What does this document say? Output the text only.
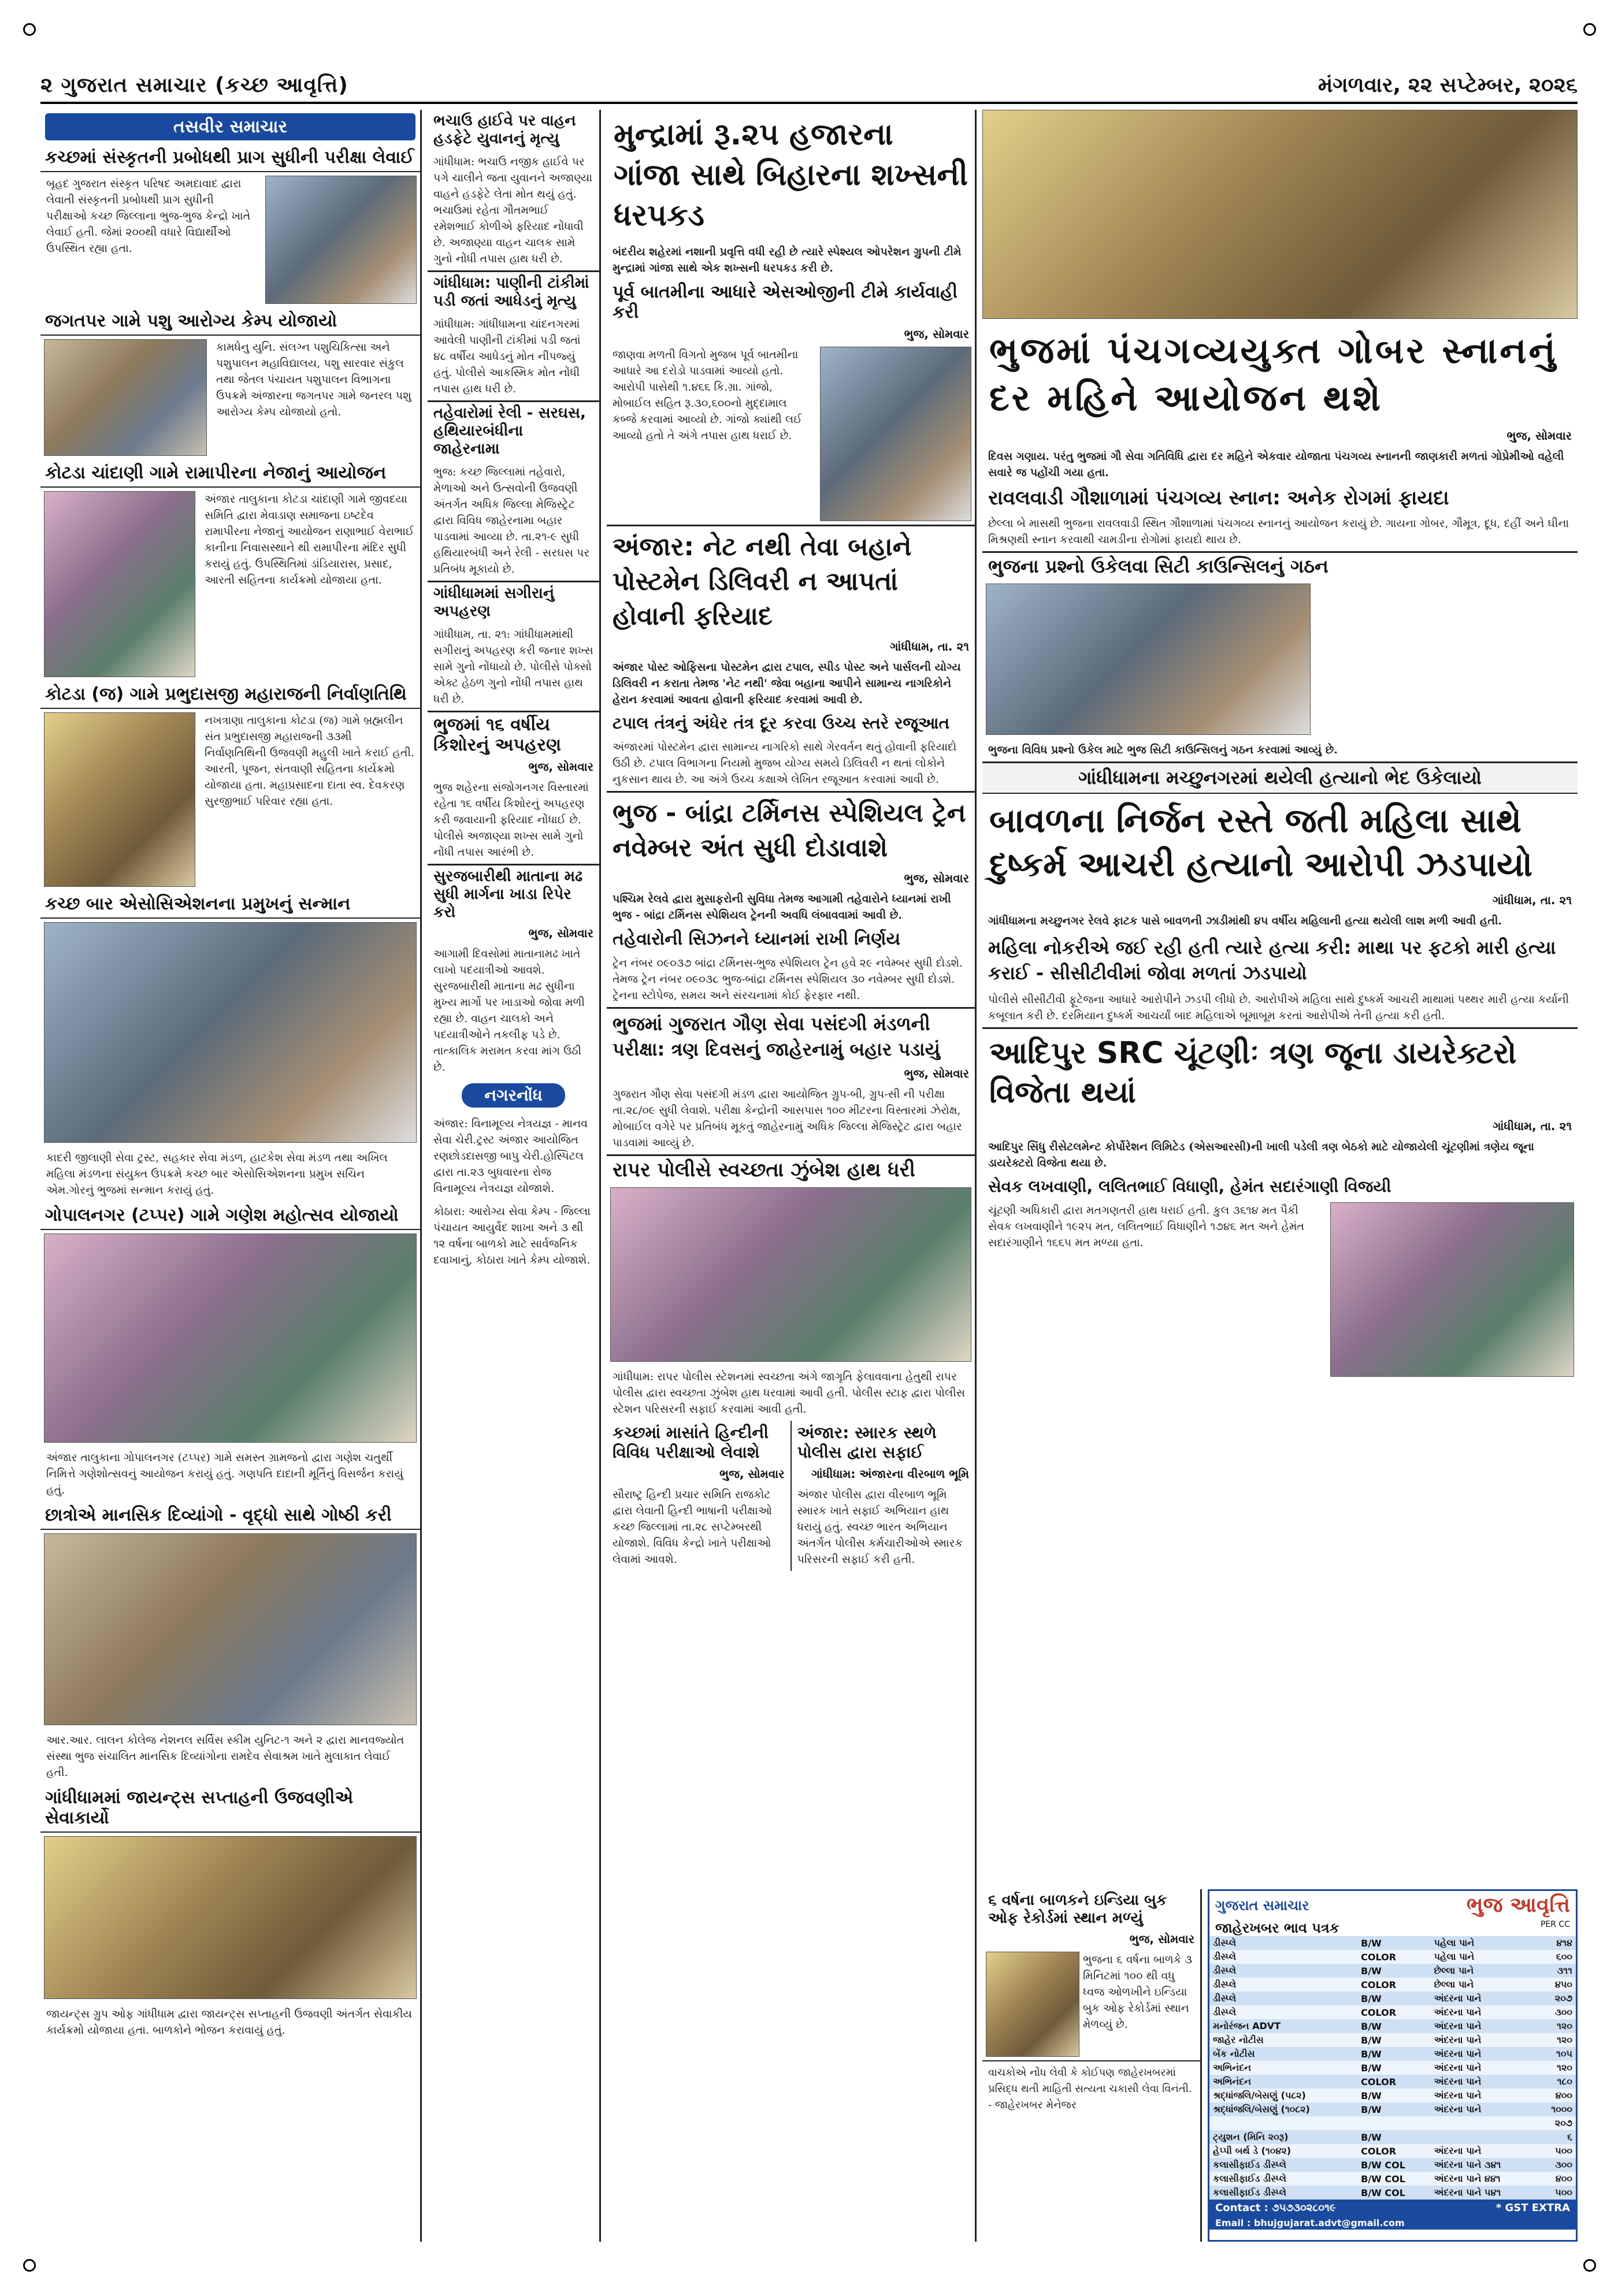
૨ ગુજરાત સમાચાર (કચ્છ આવૃત્તિ)	મંગળવાર, ૨૨ સપ્ટેમ્બર, ૨૦૨૬
તસવીર સમાચાર
કચ્છમાં સંસ્કૃતની પ્રબોધથી પ્રાગ સુધીની પરીક્ષા લેવાઈ
બૃહદ ગુજરાત સંસ્કૃત પરિષદ અમદાવાદ દ્વારા લેવાતી સંસ્કૃતની પ્રબોધથી પ્રાગ સુધીની પરીક્ષાઓ કચ્છ જિલ્લાના ભુજ-ભુજ કેન્દ્રો ખાતે લેવાઈ હતી. જેમાં ૨૦૦થી વધારે વિદ્યાર્થીઓ ઉપસ્થિત રહ્યા હતા.
જગતપર ગામે પશુ આરોગ્ય કેમ્પ યોજાયો
કામધેનુ યુનિ. સંલગ્ન પશુચિકિત્સા અને પશુપાલન મહાવિદ્યાલય, પશુ સારવાર સંકુલ તથા જેતલ પંચાયત પશુપાલન વિભાગના ઉપક્રમે અંજારના જગતપર ગામે જનરલ પશુ આરોગ્ય કેમ્પ યોજાયો હતો.
કોટડા ચાંદાણી ગામે રામાપીરના નેજાનું આયોજન
અંજાર તાલુકાના કોટડા ચાંદાણી ગામે જીવદયા સમિતિ દ્વારા મેવાડાણ સમાજના ઇષ્ટદેવ રામાપીરના નેજાનું આયોજન રાણાભાઈ વેરાભાઈ કાનીના નિવાસસ્થાને થી રામાપીરના મંદિર સુધી કરાયું હતું. ઉપસ્થિતિમાં ડાંડિયારાસ, પ્રસાદ, આરતી સહિતના કાર્યક્રમો યોજાયા હતા.
કોટડા (જ) ગામે પ્રભુદાસજી મહારાજની નિર્વાણતિથિ
નખત્રાણા તાલુકાના કોટડા (જ) ગામે બ્રહ્મલીન સંત પ્રભુદાસજી મહારાજની ૩૩મી નિર્વાણતિથિની ઉજવણી મહુલી ખાતે કરાઈ હતી. આરતી, પૂજન, સંતવાણી સહિતના કાર્યક્રમો યોજાયા હતા. મહાપ્રસાદના દાતા સ્વ. દેવકરણ સુરજીભાઈ પરિવાર રહ્યા હતા.
કચ્છ બાર એસોસિએશનના પ્રમુખનું સન્માન
કાદરી જીલાણી સેવા ટ્રસ્ટ, સહકાર સેવા મંડળ, હાટકેશ સેવા મંડળ તથા અખિલ મહિલા મંડળના સંયુક્ત ઉપક્રમે કચ્છ બાર એસોસિએશનના પ્રમુખ સચિન એમ.ગોરનું ભુજમાં સન્માન કરાયું હતું.
ગોપાલનગર (ટપ્પર) ગામે ગણેશ મહોત્સવ યોજાયો
અંજાર તાલુકાના ગોપાલનગર (ટપ્પર) ગામે સમસ્ત ગ્રામજનો દ્વારા ગણેશ ચતુર્થી નિમિત્તે ગણેશોત્સવનું આયોજન કરાયું હતું. ગણપતિ દાદાની મૂર્તિનું વિસર્જન કરાયું હતું.
છાત્રોએ માનસિક દિવ્યાંગો - વૃદ્ધો સાથે ગોષ્ઠી કરી
આર.આર. લાલન કોલેજ નેશનલ સર્વિસ સ્કીમ યુનિટ-૧ અને ૨ દ્વારા માનવજ્યોત સંસ્થા ભુજ સંચાલિત માનસિક દિવ્યાંગોના રામદેવ સેવાશ્રમ ખાતે મુલાકાત લેવાઈ હતી.
ગાંધીધામમાં જાયન્ટ્સ સપ્તાહની ઉજવણીએ સેવાકાર્યો
જાયન્ટ્સ ગ્રુપ ઓફ ગાંધીધામ દ્વારા જાયન્ટ્સ સપ્તાહની ઉજવણી અંતર્ગત સેવાકીય કાર્યક્રમો યોજાયા હતા. બાળકોને ભોજન કરાવાયું હતું.
ભચાઉ હાઈવે પર વાહન હડફેટે યુવાનનું મૃત્યુ
ગાંધીધામ: ભચાઉ નજીક હાઈવે પર પગે ચાલીને જતા યુવાનને અજાણ્યા વાહને હડફેટે લેતા મોત થયું હતું. ભચાઉમાં રહેતા ગૌતમભાઈ રમેશભાઈ કોળીએ ફરિયાદ નોંધાવી છે. અજાણ્યા વાહન ચાલક સામે ગુનો નોંધી તપાસ હાથ ધરી છે.
ગાંધીધામ: પાણીની ટાંકીમાં પડી જતાં આધેડનું મૃત્યુ
ગાંધીધામ: ગાંધીધામના ચાંદનગરમાં આવેલી પાણીની ટાંકીમાં પડી જતાં ૪૮ વર્ષીય આધેડનું મોત નીપજ્યું હતું. પોલીસે આકસ્મિક મોત નોંધી તપાસ હાથ ધરી છે.
તહેવારોમાં રેલી - સરઘસ, હથિયારબંધીના જાહેરનામા
ભુજ: કચ્છ જિલ્લામાં તહેવારો, મેળાઓ અને ઉત્સવોની ઉજવણી અંતર્ગત અધિક જિલ્લા મેજિસ્ટ્રેટ દ્વારા વિવિધ જાહેરનામા બહાર પાડવામાં આવ્યા છે. તા.૨૧-૯ સુધી હથિયારબંધી અને રેલી - સરઘસ પર પ્રતિબંધ મૂકાયો છે.
ગાંધીધામમાં સગીરાનું અપહરણ
ગાંધીધામ, તા. ૨૧: ગાંધીધામમાંથી સગીરાનું અપહરણ કરી જનાર શખ્સ સામે ગુનો નોંધાયો છે. પોલીસે પોક્સો એક્ટ હેઠળ ગુનો નોંધી તપાસ હાથ ધરી છે.
ભુજમાં ૧૬ વર્ષીય કિશોરનું અપહરણ
ભુજ, સોમવાર
ભુજ શહેરના સંજોગનગર વિસ્તારમાં રહેતા ૧૬ વર્ષીય કિશોરનું અપહરણ કરી જવાયાની ફરિયાદ નોંધાઈ છે. પોલીસે અજાણ્યા શખ્સ સામે ગુનો નોંધી તપાસ આરંભી છે.
સુરજબારીથી માતાના મઢ સુધી માર્ગના ખાડા રિપેર કરો
ભુજ, સોમવાર
આગામી દિવસોમાં માતાનામઢ ખાતે લાખો પદયાત્રીઓ આવશે. સુરજબારીથી માતાના મઢ સુધીના મુખ્ય માર્ગો પર ખાડાઓ જોવા મળી રહ્યા છે. વાહન ચાલકો અને પદયાત્રીઓને તકલીફ પડે છે. તાત્કાલિક મરામત કરવા માંગ ઉઠી છે.
નગરનોંધ
અંજાર: વિનામૂલ્ય નેત્રયજ્ઞ - માનવ સેવા ચેરી.ટ્રસ્ટ અંજાર આયોજિત રણછોડદાસજી બાપુ ચેરી.હોસ્પિટલ દ્વારા તા.૨૩ બુધવારના રોજ વિનામૂલ્ય નેત્રયજ્ઞ યોજાશે.
કોઠારા: આરોગ્ય સેવા કેમ્પ - જિલ્લા પંચાયત આયુર્વેદ શાખા અને ૩ થી ૧૨ વર્ષના બાળકો માટે સાર્વજનિક દવાખાનું, કોઠારા ખાતે કેમ્પ યોજાશે.
મુન્દ્રામાં રૂ.૨૫ હજારના ગાંજા સાથે બિહારના શખ્સની ધરપકડ
બંદરીય શહેરમાં નશાની પ્રવૃત્તિ વધી રહી છે ત્યારે સ્પેશ્યલ ઓપરેશન ગ્રુપની ટીમે મુન્દ્રામાં ગાંજા સાથે એક શખ્સની ધરપકડ કરી છે.
પૂર્વ બાતમીના આધારે એસઓજીની ટીમે કાર્યવાહી કરી
ભુજ, સોમવાર
જાણવા મળતી વિગતો મુજબ પૂર્વ બાતમીના આધારે આ દરોડો પાડવામાં આવ્યો હતો. આરોપી પાસેથી ૧.૪૬૬ કિ.ગ્રા. ગાંજો, મોબાઈલ સહિત રૂ.૩૦,૬૦૦નો મુદ્દામાલ કબ્જે કરવામાં આવ્યો છે. ગાંજો ક્યાંથી લઈ આવ્યો હતો તે અંગે તપાસ હાથ ધરાઈ છે.
અંજાર: નેટ નથી તેવા બહાને પોસ્ટમેન ડિલિવરી ન આપતાં હોવાની ફરિયાદ
ગાંધીધામ, તા. ૨૧
અંજાર પોસ્ટ ઓફિસના પોસ્ટમેન દ્વારા ટપાલ, સ્પીડ પોસ્ટ અને પાર્સલની યોગ્ય ડિલિવરી ન કરાતા તેમજ 'નેટ નથી' જેવા બહાના આપીને સામાન્ય નાગરિકોને હેરાન કરવામાં આવતા હોવાની ફરિયાદ કરવામાં આવી છે.
ટપાલ તંત્રનું અંધેર તંત્ર દૂર કરવા ઉચ્ચ સ્તરે રજૂઆત
અંજારમાં પોસ્ટમેન દ્વારા સામાન્ય નાગરિકો સાથે ગેરવર્તન થતું હોવાની ફરિયાદો ઉઠી છે. ટપાલ વિભાગના નિયમો મુજબ યોગ્ય સમયે ડિલિવરી ન થતાં લોકોને નુકસાન થાય છે. આ અંગે ઉચ્ચ કક્ષાએ લેખિત રજૂઆત કરવામાં આવી છે.
ભુજ - બાંદ્રા ટર્મિનસ સ્પેશિયલ ટ્રેન નવેમ્બર અંત સુધી દોડાવાશે
ભુજ, સોમવાર
પશ્ચિમ રેલવે દ્વારા મુસાફરોની સુવિધા તેમજ આગામી તહેવારોને ધ્યાનમાં રાખી ભુજ - બાંદ્રા ટર્મિનસ સ્પેશિયલ ટ્રેનની અવધિ લંબાવવામાં આવી છે.
તહેવારોની સિઝનને ધ્યાનમાં રાખી નિર્ણય
ટ્રેન નંબર ૦૯૦૩૭ બાંદ્રા ટર્મિનસ-ભુજ સ્પેશિયલ ટ્રેન હવે ૨૯ નવેમ્બર સુધી દોડશે. તેમજ ટ્રેન નંબર ૦૯૦૩૮ ભુજ-બાંદ્રા ટર્મિનસ સ્પેશિયલ ૩૦ નવેમ્બર સુધી દોડશે. ટ્રેનના સ્ટોપેજ, સમય અને સંરચનામાં કોઈ ફેરફાર નથી.
ભુજમાં ગુજરાત ગૌણ સેવા પસંદગી મંડળની પરીક્ષા: ત્રણ દિવસનું જાહેરનામું બહાર પડાયું
ભુજ, સોમવાર
ગુજરાત ગૌણ સેવા પસંદગી મંડળ દ્વારા આયોજિત ગ્રુપ-બી, ગ્રુપ-સી ની પરીક્ષા તા.૨૮/૦૯ સુધી લેવાશે. પરીક્ષા કેન્દ્રોની આસપાસ ૧૦૦ મીટરના વિસ્તારમાં ઝેરોક્ષ, મોબાઈલ વગેરે પર પ્રતિબંધ મૂકતું જાહેરનામું અધિક જિલ્લા મેજિસ્ટ્રેટ દ્વારા બહાર પાડવામાં આવ્યું છે.
રાપર પોલીસે સ્વચ્છતા ઝુંબેશ હાથ ધરી
ગાંધીધામ: રાપર પોલીસ સ્ટેશનમાં સ્વચ્છતા અંગે જાગૃતિ ફેલાવવાના હેતુથી રાપર પોલીસ દ્વારા સ્વચ્છતા ઝુંબેશ હાથ ધરવામાં આવી હતી. પોલીસ સ્ટાફ દ્વારા પોલીસ સ્ટેશન પરિસરની સફાઈ કરવામાં આવી હતી.
કચ્છમાં માસાંતે હિન્દીની વિવિધ પરીક્ષાઓ લેવાશે
ભુજ, સોમવાર
સૌરાષ્ટ્ર હિન્દી પ્રચાર સમિતિ રાજકોટ દ્વારા લેવાતી હિન્દી ભાષાની પરીક્ષાઓ કચ્છ જિલ્લામાં તા.૨૮ સપ્ટેમ્બરથી યોજાશે. વિવિધ કેન્દ્રો ખાતે પરીક્ષાઓ લેવામાં આવશે.
અંજાર: સ્મારક સ્થળે પોલીસ દ્વારા સફાઈ
ગાંધીધામ: અંજારના વીરબાળ ભૂમિ
અંજાર પોલીસ દ્વારા વીરબાળ ભૂમિ સ્મારક ખાતે સફાઈ અભિયાન હાથ ધરાયું હતું. સ્વચ્છ ભારત અભિયાન અંતર્ગત પોલીસ કર્મચારીઓએ સ્મારક પરિસરની સફાઈ કરી હતી.
ભુજમાં પંચગવ્યયુક્ત ગોબર સ્નાનનું દર મહિને આયોજન થશે
ભુજ, સોમવાર
દિવસ ગણાય. પરંતુ ભુજમાં ગૌ સેવા ગતિવિધિ દ્વારા દર મહિને એકવાર યોજાતા પંચગવ્ય સ્નાનની જાણકારી મળતાં ગોપ્રેમીઓ વહેલી સવારે જ પહોંચી ગયા હતા.
રાવલવાડી ગૌશાળામાં પંચગવ્ય સ્નાન: અનેક રોગમાં ફાયદા
છેલ્લા બે માસથી ભુજના રાવલવાડી સ્થિત ગૌશાળામાં પંચગવ્ય સ્નાનનું આયોજન કરાયું છે. ગાયના ગોબર, ગૌમૂત્ર, દૂધ, દહીં અને ઘીના મિશ્રણથી સ્નાન કરવાથી ચામડીના રોગોમાં ફાયદો થાય છે.
ભુજના પ્રશ્નો ઉકેલવા સિટી કાઉન્સિલનું ગઠન
ભુજના વિવિધ પ્રશ્નો ઉકેલ માટે ભુજ સિટી કાઉન્સિલનું ગઠન કરવામાં આવ્યું છે.
ગાંધીધામના મચ્છુનગરમાં થયેલી હત્યાનો ભેદ ઉકેલાયો
બાવળના નિર્જન રસ્તે જતી મહિલા સાથે દુષ્કર્મ આચરી હત્યાનો આરોપી ઝડપાયો
ગાંધીધામ, તા. ૨૧
ગાંધીધામના મચ્છુનગર રેલવે ફાટક પાસે બાવળની ઝાડીમાંથી ૪૫ વર્ષીય મહિલાની હત્યા થયેલી લાશ મળી આવી હતી.
મહિલા નોકરીએ જઈ રહી હતી ત્યારે હત્યા કરી: માથા પર ફટકો મારી હત્યા કરાઈ - સીસીટીવીમાં જોવા મળતાં ઝડપાયો
પોલીસે સીસીટીવી ફૂટેજના આધારે આરોપીને ઝડપી લીધો છે. આરોપીએ મહિલા સાથે દુષ્કર્મ આચરી માથામાં પથ્થર મારી હત્યા કર્યાની કબૂલાત કરી છે. દરમિયાન દુષ્કર્મ આચર્યાં બાદ મહિલાએ બૂમાબૂમ કરતાં આરોપીએ તેની હત્યા કરી હતી.
આદિપુર SRC ચૂંટણીઃ ત્રણ જૂના ડાયરેક્ટરો વિજેતા થયાં
ગાંધીધામ, તા. ૨૧
આદિપુર સિંધુ રીસેટલમેન્ટ કોર્પોરેશન લિમિટેડ (એસઆરસી)ની ખાલી પડેલી ત્રણ બેઠકો માટે યોજાયેલી ચૂંટણીમાં ત્રણેય જૂના ડાયરેક્ટરો વિજેતા થયા છે.
સેવક લખવાણી, લલિતભાઈ વિધાણી, હેમંત સદારંગાણી વિજયી
ચૂંટણી અધિકારી દ્વારા મતગણતરી હાથ ધરાઈ હતી. કુલ ૩૬૧૪ મત પૈકી સેવક લખવાણીને ૧૯૨૫ મત, લલિતભાઈ વિધાણીને ૧૭૪૬ મત અને હેમંત સદારંગાણીને ૧૬૬૫ મત મળ્યા હતા.
૬ વર્ષના બાળકને ઇન્ડિયા બુક ઓફ રેકોર્ડમાં સ્થાન મળ્યું
ભુજ, સોમવાર
ભુજના ૬ વર્ષના બાળકે ૩ મિનિટમાં ૧૦૦ થી વધુ ધ્વજ ઓળખીને ઇન્ડિયા બુક ઓફ રેકોર્ડમાં સ્થાન મેળવ્યું છે.
વાચકોએ નોંધ લેવી કે કોઈપણ જાહેરખબરમાં પ્રસિદ્ધ થતી માહિતી સત્યતા ચકાસી લેવા વિનંતી. - જાહેરખબર મેનેજર
ગુજરાત સમાચાર	ભુજ આવૃત્તિ
જાહેરખબર ભાવ પત્રક	PER CC
ડીસ્પ્લે	B/W	પહેલા પાને	૪૧૪
ડીસ્પ્લે	COLOR	પહેલા પાને	૬૦૦
ડીસ્પ્લે	B/W	છેલ્લા પાને	૩૧૧
ડીસ્પ્લે	COLOR	છેલ્લા પાને	૪૫૦
ડીસ્પ્લે	B/W	અંદરના પાને	૨૦૭
ડીસ્પ્લે	COLOR	અંદરના પાને	૩૦૦
મનોરંજન ADVT	B/W	અંદરના પાને	૧૨૦
જાહેર નોટીસ	B/W	અંદરના પાને	૧૨૦
બેંક નોટીસ	B/W	અંદરના પાને	૧૦૫
અભિનંદન	B/W	અંદરના પાને	૧૨૦
અભિનંદન	COLOR	અંદરના પાને	૧૮૦
શ્રદ્ધાંજલિ/બેસણું (૫૮૨)	B/W	અંદરના પાને	૪૦૦
શ્રદ્ધાંજલિ/બેસણું (૧૦૮૨)	B/W	અંદરના પાને	૧૦૦૦
			૨૦૭
ટ્યુશન (મિનિ ૨૦રૂ)	B/W		૬
હેપ્પી બર્થ ડે (૧૦૪૨)	COLOR	અંદરના પાને	૫૦૦
કલાસીફાઈડ ડીસ્પ્લે	B/W COL	અંદરના પાને ૩૪૧	૩૦૦
કલાસીફાઈડ ડીસ્પ્લે	B/W COL	અંદરના પાને ૪૪૧	૪૦૦
કલાસીફાઈડ ડીસ્પ્લે	B/W COL	અંદરના પાને ૫૪૧	૫૦૦
Contact : ૭૫૭૩૦૨૮૦૧૯	* GST EXTRA
Email : bhujgujarat.advt@gmail.com
